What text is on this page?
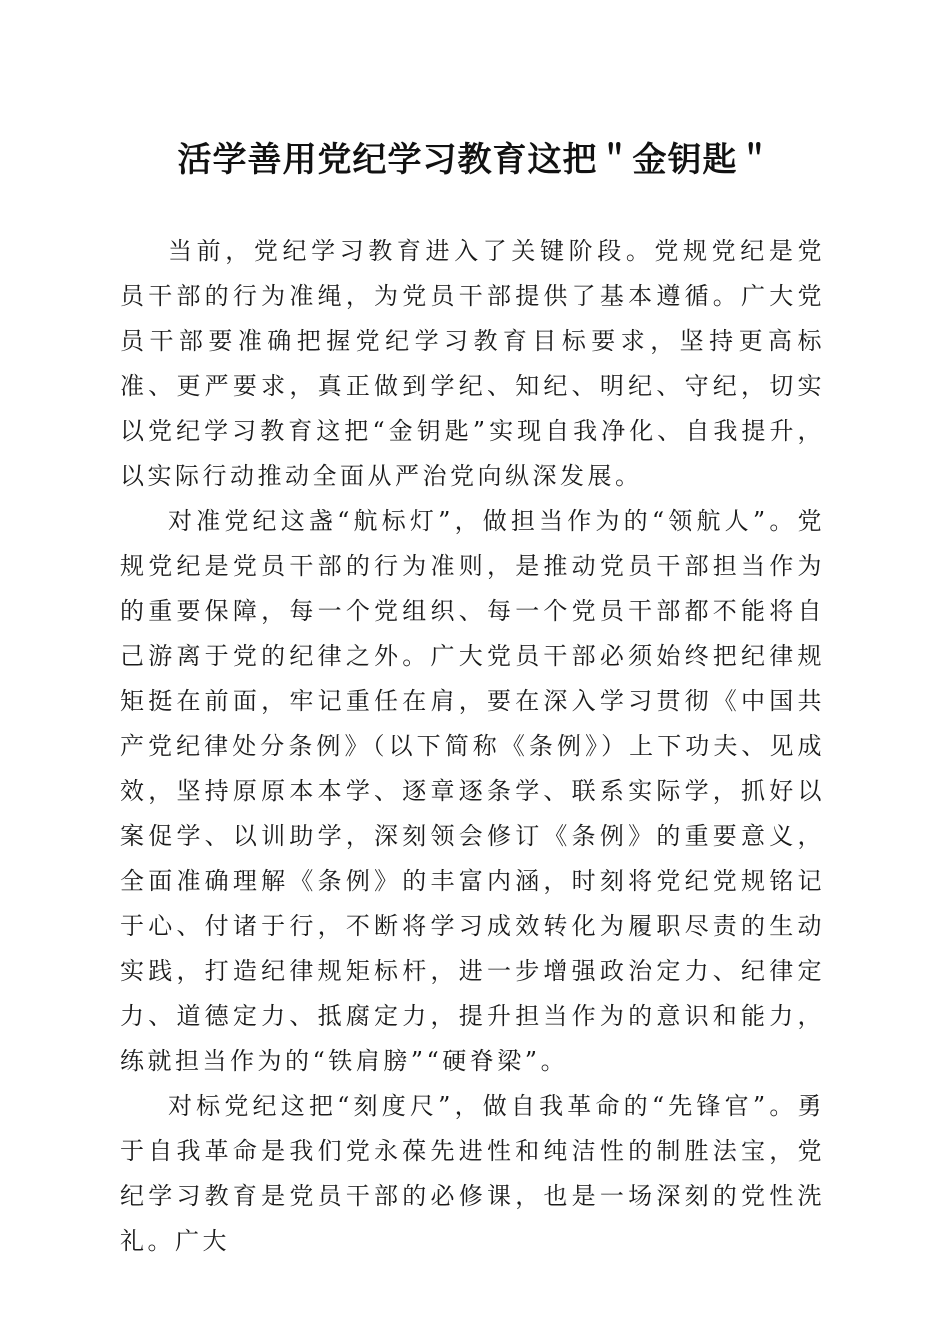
活学善用党纪学习教育这把＂金钥匙＂

当前，党纪学习教育进入了关键阶段。党规党纪是党员干部的行为准绳，为党员干部提供了基本遵循。广大党员干部要准确把握党纪学习教育目标要求，坚持更高标准、更严要求，真正做到学纪、知纪、明纪、守纪，切实以党纪学习教育这把“金钥匙”实现自我净化、自我提升，以实际行动推动全面从严治党向纵深发展。

对准党纪这盏“航标灯”，做担当作为的“领航人”。党规党纪是党员干部的行为准则，是推动党员干部担当作为的重要保障，每一个党组织、每一个党员干部都不能将自己游离于党的纪律之外。广大党员干部必须始终把纪律规矩挺在前面，牢记重任在肩，要在深入学习贯彻《中国共产党纪律处分条例》（以下简称《条例》）上下功夫、见成效，坚持原原本本学、逐章逐条学、联系实际学，抓好以案促学、以训助学，深刻领会修订《条例》的重要意义，全面准确理解《条例》的丰富内涵，时刻将党纪党规铭记于心、付诸于行，不断将学习成效转化为履职尽责的生动实践，打造纪律规矩标杆，进一步增强政治定力、纪律定力、道德定力、抵腐定力，提升担当作为的意识和能力，练就担当作为的“铁肩膀”“硬脊梁”。

对标党纪这把“刻度尺”，做自我革命的“先锋官”。勇于自我革命是我们党永葆先进性和纯洁性的制胜法宝，党纪学习教育是党员干部的必修课，也是一场深刻的党性洗礼。广大
